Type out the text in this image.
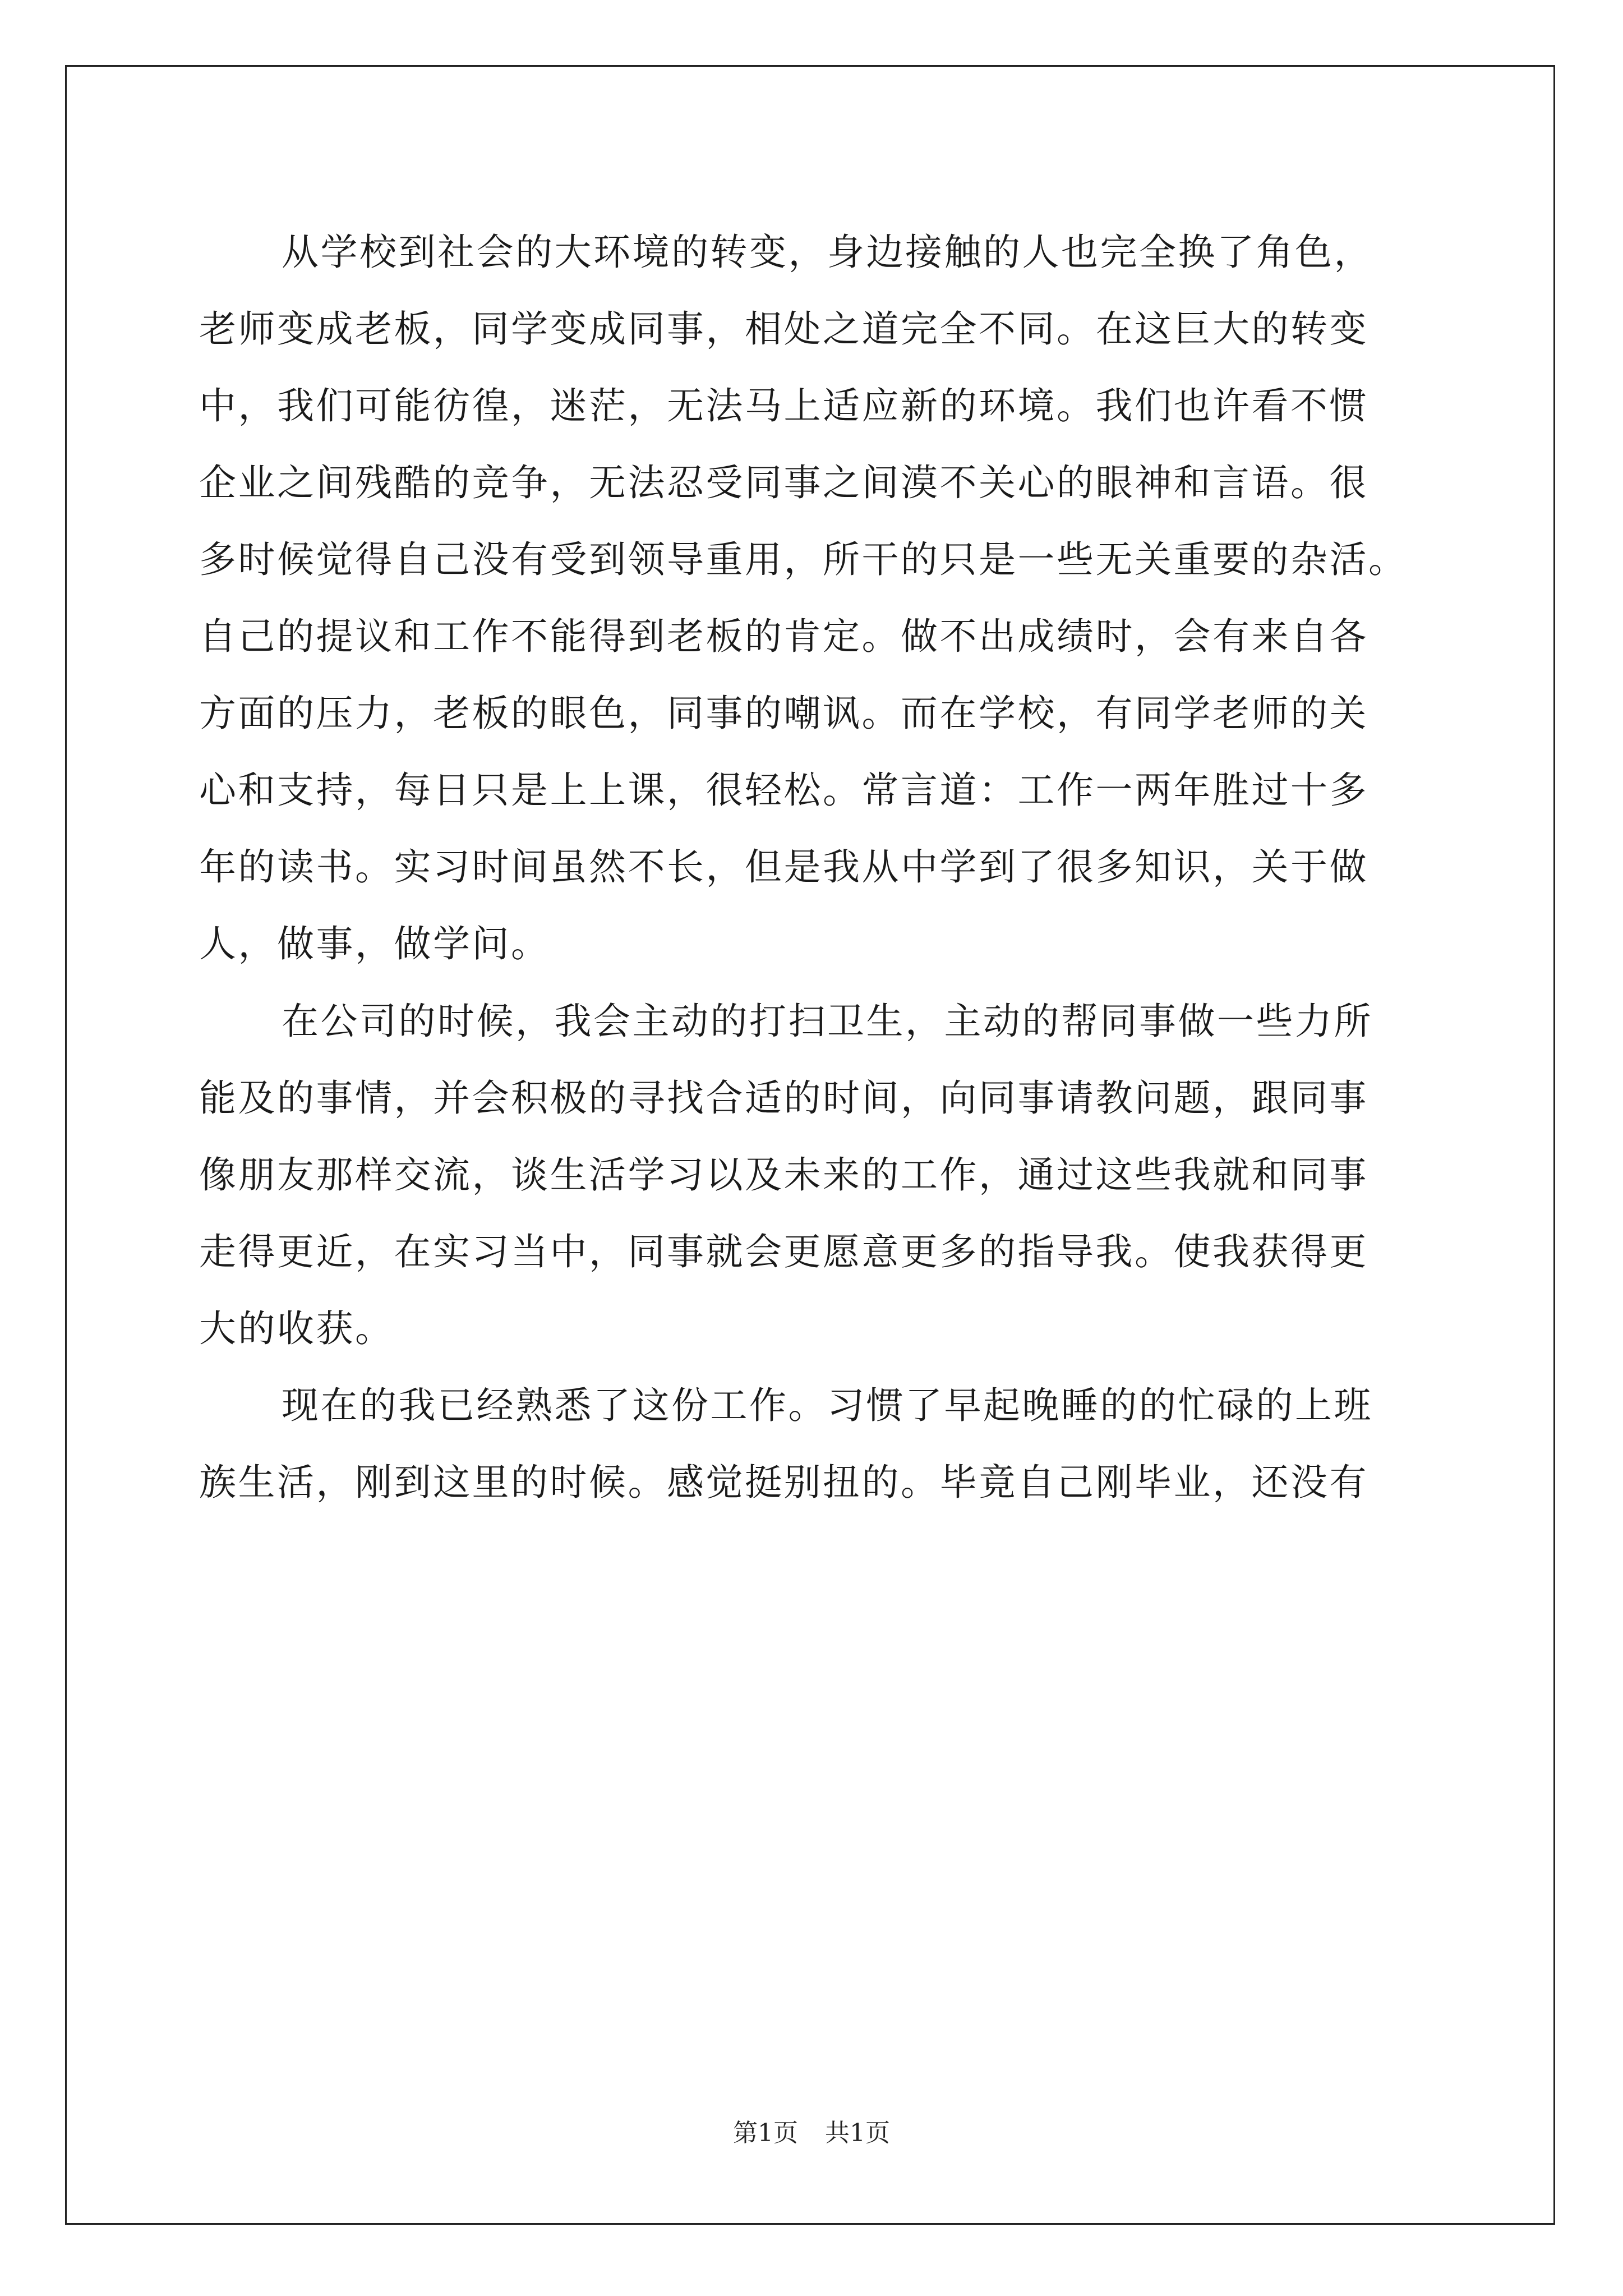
从学校到社会的大环境的转变，身边接触的人也完全换了角色，
老师变成老板，同学变成同事，相处之道完全不同。在这巨大的转变
中，我们可能彷徨，迷茫，无法马上适应新的环境。我们也许看不惯
企业之间残酷的竞争，无法忍受同事之间漠不关心的眼神和言语。很
多时候觉得自己没有受到领导重用，所干的只是一些无关重要的杂活。
自己的提议和工作不能得到老板的肯定。做不出成绩时，会有来自各
方面的压力，老板的眼色，同事的嘲讽。而在学校，有同学老师的关
心和支持，每日只是上上课，很轻松。常言道：工作一两年胜过十多
年的读书。实习时间虽然不长，但是我从中学到了很多知识，关于做
人，做事，做学问。
在公司的时候，我会主动的打扫卫生，主动的帮同事做一些力所
能及的事情，并会积极的寻找合适的时间，向同事请教问题，跟同事
像朋友那样交流，谈生活学习以及未来的工作，通过这些我就和同事
走得更近，在实习当中，同事就会更愿意更多的指导我。使我获得更
大的收获。
现在的我已经熟悉了这份工作。习惯了早起晚睡的的忙碌的上班
族生活，刚到这里的时候。感觉挺别扭的。毕竟自己刚毕业，还没有
第1页 共1页
